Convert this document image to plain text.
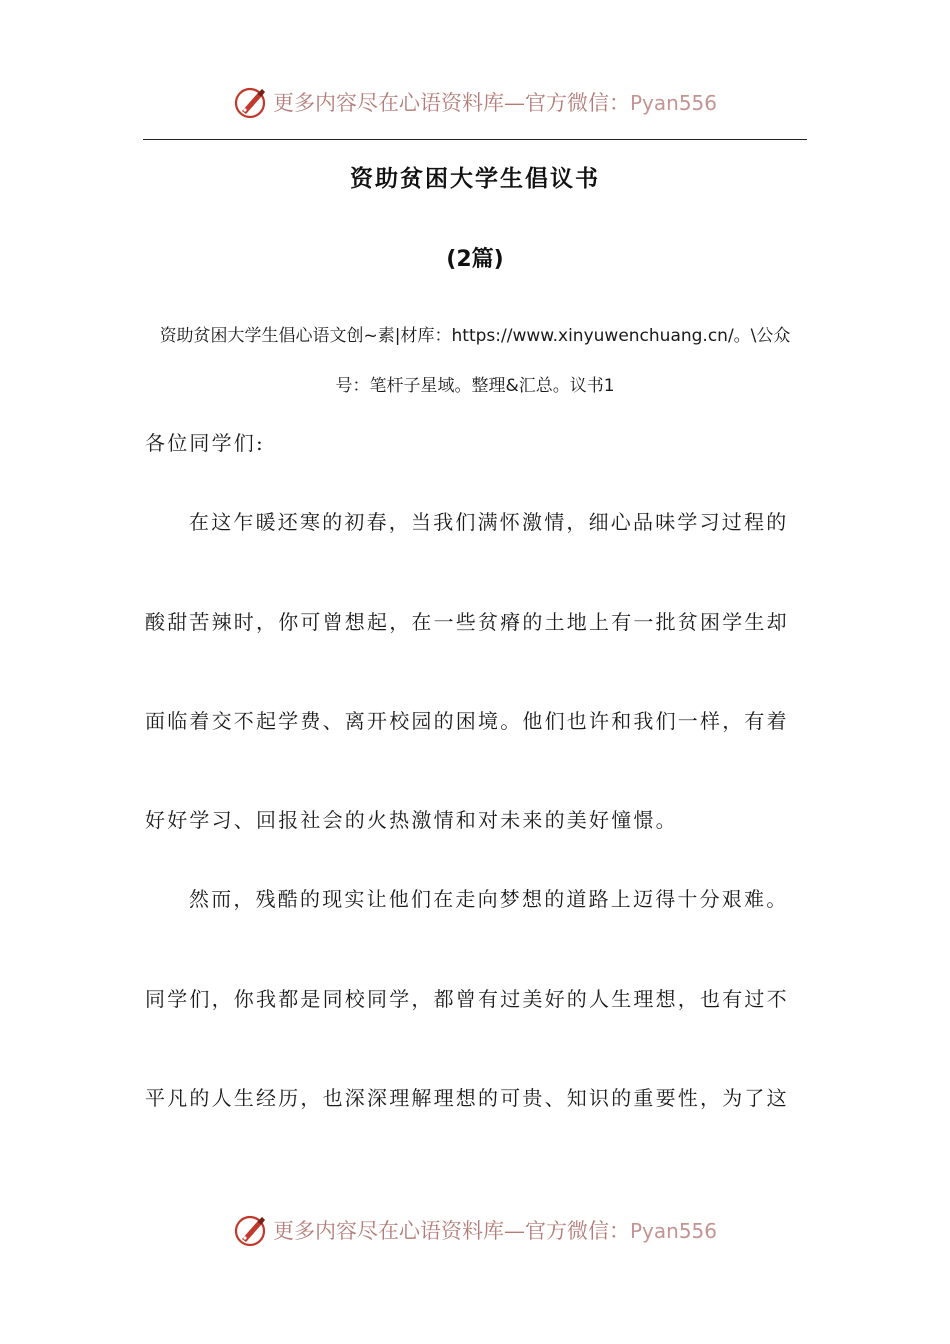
更多内容尽在心语资料库—官方微信：Pyan556
资助贫困大学生倡议书
(2篇)
资助贫困大学生倡心语文创~素|材库：https://www.xinyuwenchuang.cn/。\公众
号：笔杆子星域。整理&汇总。议书1
各位同学们:
在这乍暖还寒的初春，当我们满怀激情，细心品味学习过程的
酸甜苦辣时，你可曾想起，在一些贫瘠的土地上有一批贫困学生却
面临着交不起学费、离开校园的困境。他们也许和我们一样，有着
好好学习、回报社会的火热激情和对未来的美好憧憬。
然而，残酷的现实让他们在走向梦想的道路上迈得十分艰难。
同学们，你我都是同校同学，都曾有过美好的人生理想，也有过不
平凡的人生经历，也深深理解理想的可贵、知识的重要性，为了这
更多内容尽在心语资料库—官方微信：Pyan556
